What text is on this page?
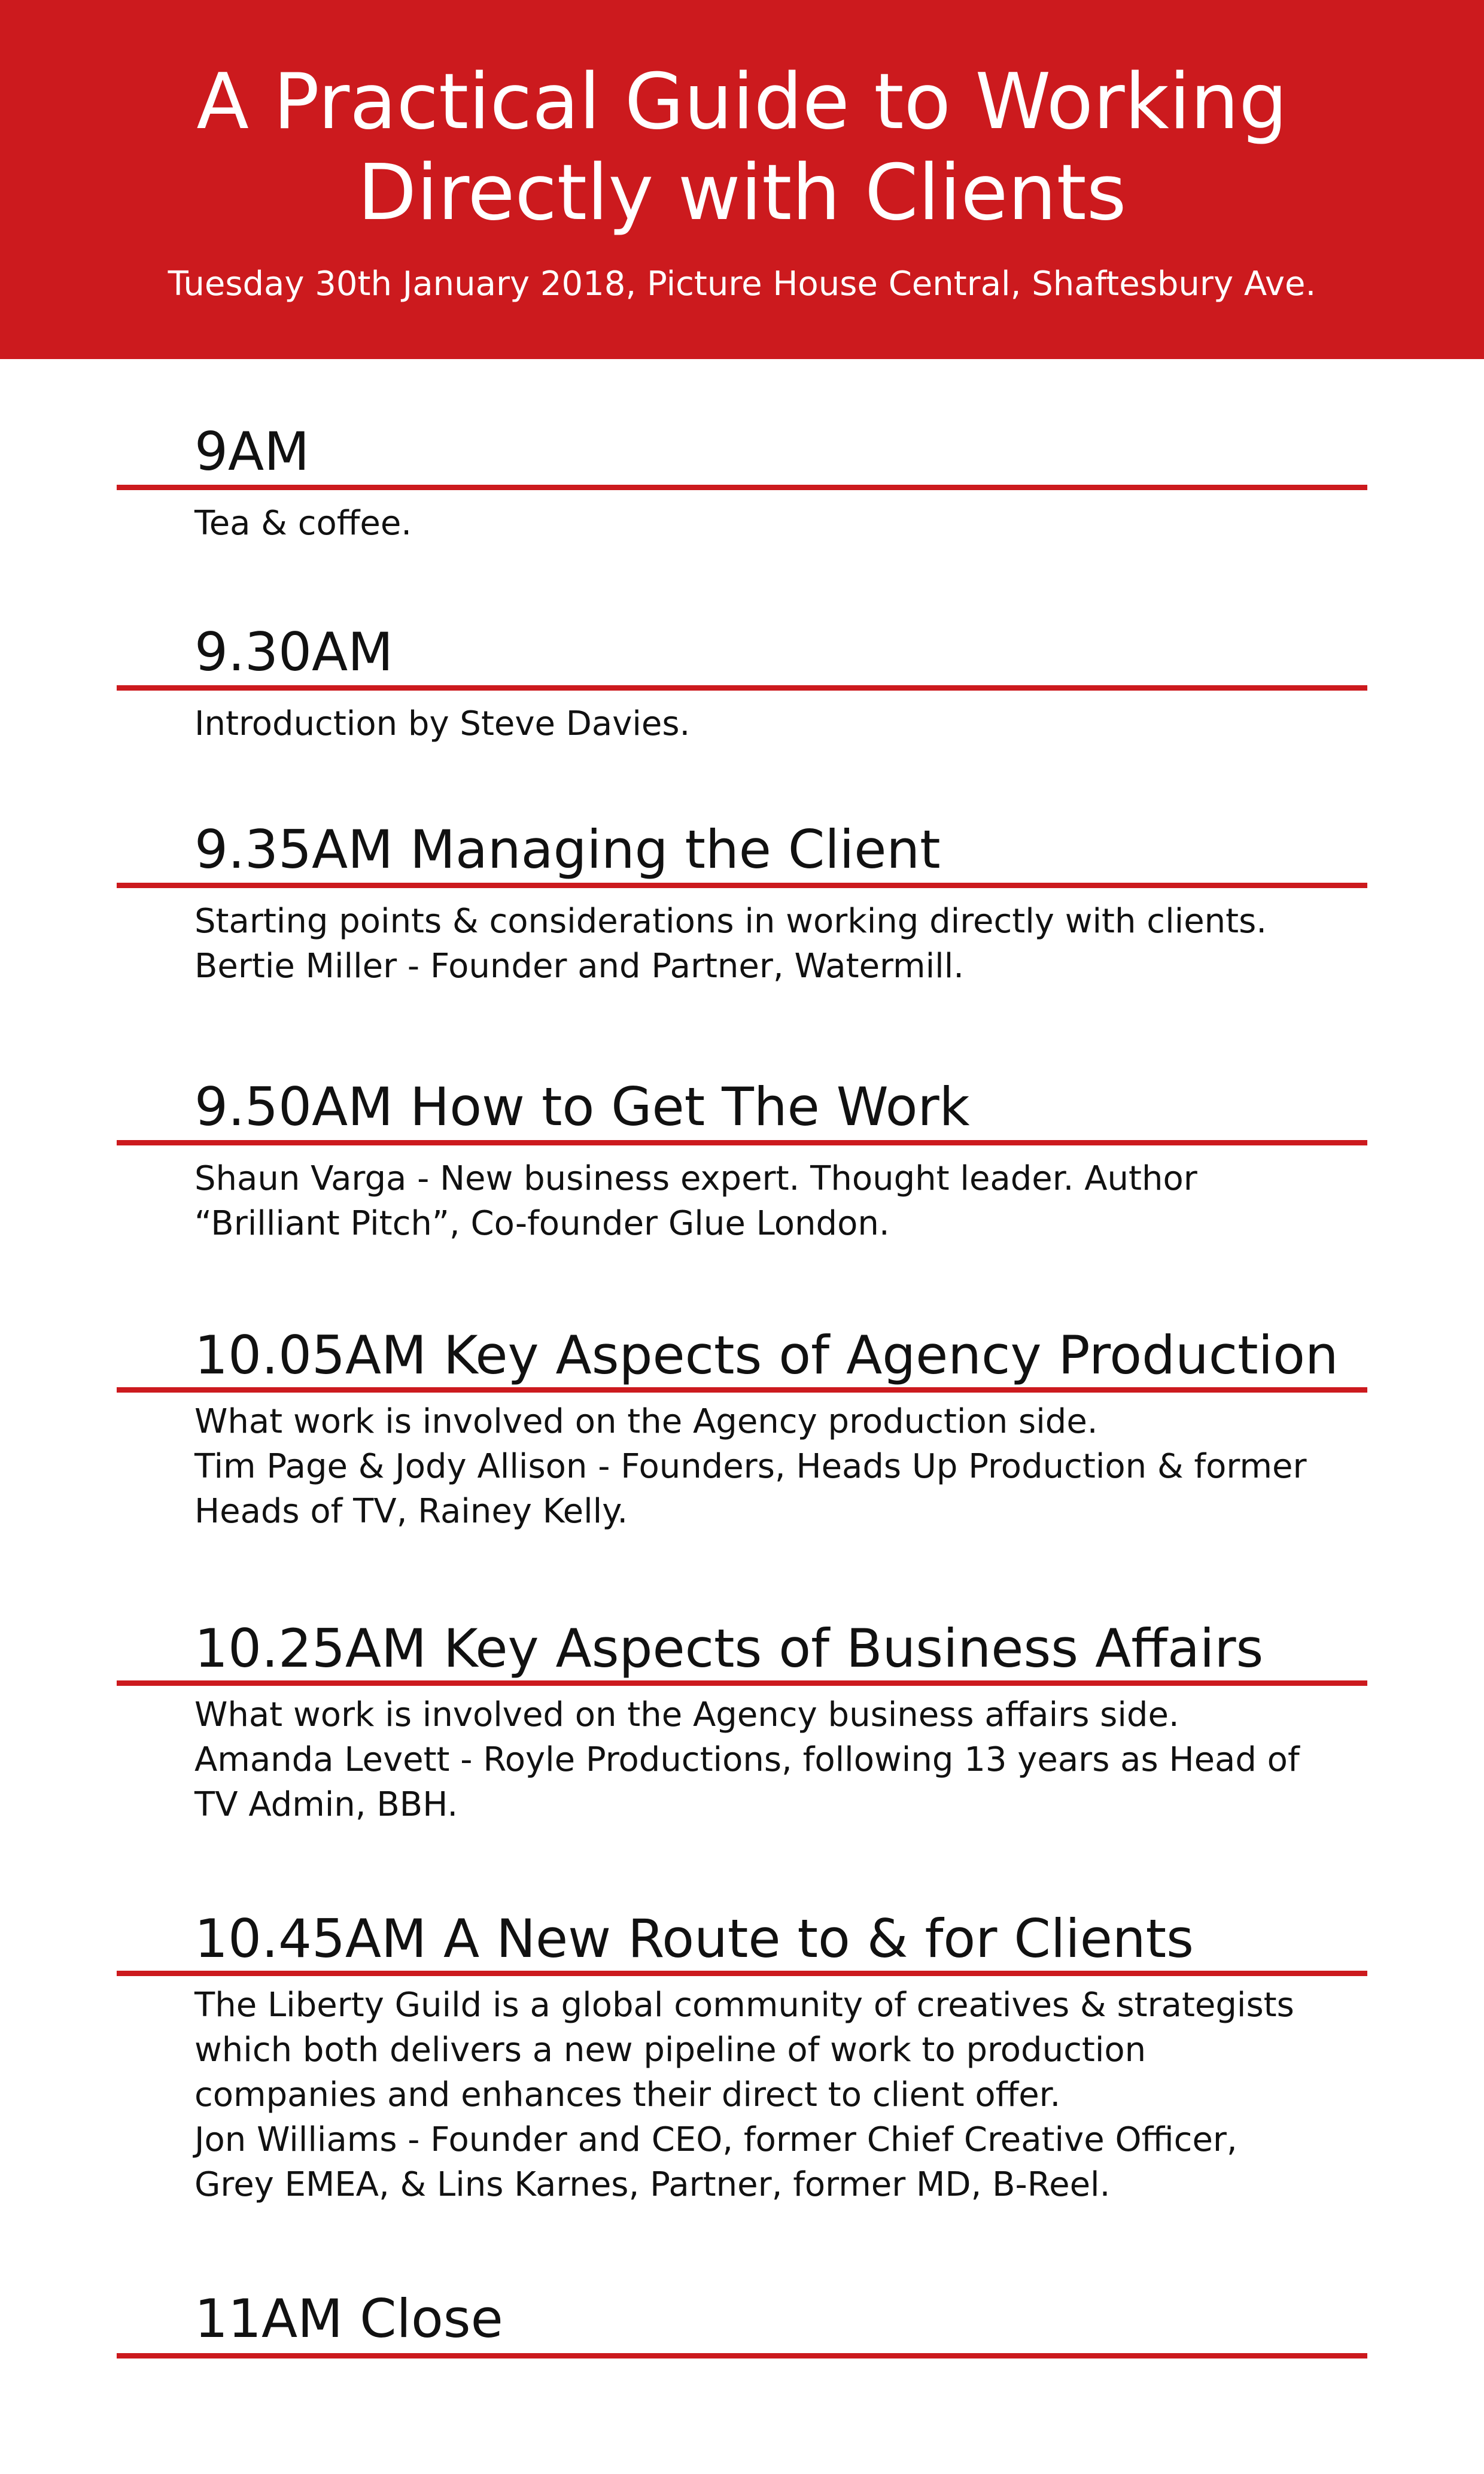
A Practical Guide to Working
Directly with Clients
Tuesday 30th January 2018, Picture House Central, Shaftesbury Ave.
9AM
Tea & coffee.
9.30AM
Introduction by Steve Davies.
9.35AM Managing the Client
Starting points & considerations in working directly with clients.
Bertie Miller - Founder and Partner, Watermill.
9.50AM How to Get The Work
Shaun Varga - New business expert. Thought leader. Author
“Brilliant Pitch”, Co-founder Glue London.
10.05AM Key Aspects of Agency Production
What work is involved on the Agency production side.
Tim Page & Jody Allison - Founders, Heads Up Production & former
Heads of TV, Rainey Kelly.
10.25AM Key Aspects of Business Affairs
What work is involved on the Agency business affairs side.
Amanda Levett - Royle Productions, following 13 years as Head of
TV Admin, BBH.
10.45AM A New Route to & for Clients
The Liberty Guild is a global community of creatives & strategists
which both delivers a new pipeline of work to production
companies and enhances their direct to client offer.
Jon Williams - Founder and CEO, former Chief Creative Officer,
Grey EMEA, & Lins Karnes, Partner, former MD, B-Reel.
11AM Close
